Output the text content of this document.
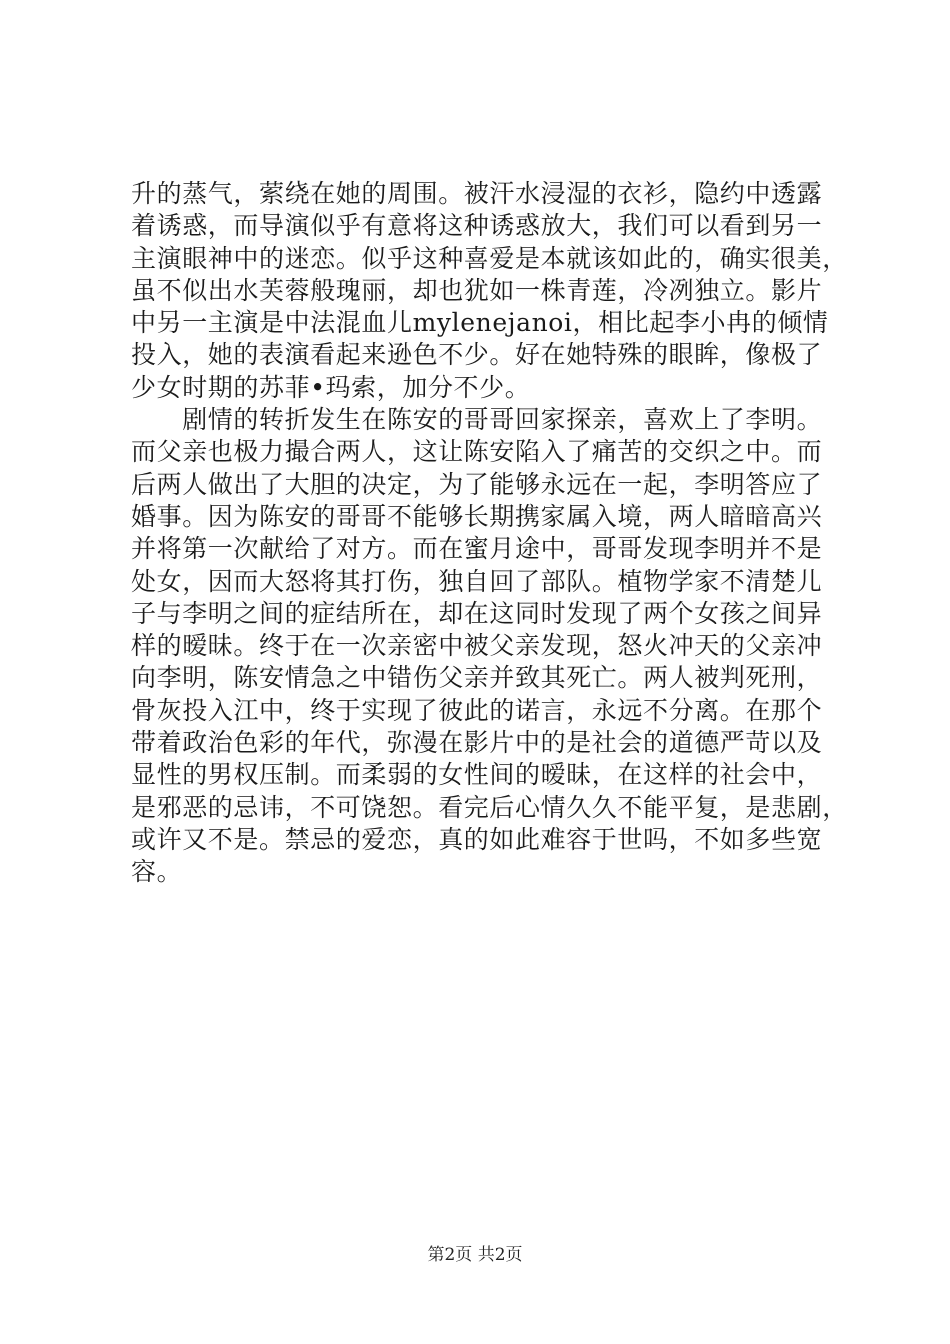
升的蒸气，萦绕在她的周围。被汗水浸湿的衣衫，隐约中透露
着诱惑，而导演似乎有意将这种诱惑放大，我们可以看到另一
主演眼神中的迷恋。似乎这种喜爱是本就该如此的，确实很美，
虽不似出水芙蓉般瑰丽，却也犹如一株青莲，冷冽独立。影片
中另一主演是中法混血儿mylenejanoi，相比起李小冉的倾情
投入，她的表演看起来逊色不少。好在她特殊的眼眸，像极了
少女时期的苏菲•玛索，加分不少。
　　剧情的转折发生在陈安的哥哥回家探亲，喜欢上了李明。
而父亲也极力撮合两人，这让陈安陷入了痛苦的交织之中。而
后两人做出了大胆的决定，为了能够永远在一起，李明答应了
婚事。因为陈安的哥哥不能够长期携家属入境，两人暗暗高兴
并将第一次献给了对方。而在蜜月途中，哥哥发现李明并不是
处女，因而大怒将其打伤，独自回了部队。植物学家不清楚儿
子与李明之间的症结所在，却在这同时发现了两个女孩之间异
样的暧昧。终于在一次亲密中被父亲发现，怒火冲天的父亲冲
向李明，陈安情急之中错伤父亲并致其死亡。两人被判死刑，
骨灰投入江中，终于实现了彼此的诺言，永远不分离。在那个
带着政治色彩的年代，弥漫在影片中的是社会的道德严苛以及
显性的男权压制。而柔弱的女性间的暧昧，在这样的社会中，
是邪恶的忌讳，不可饶恕。看完后心情久久不能平复，是悲剧，
或许又不是。禁忌的爱恋，真的如此难容于世吗，不如多些宽
容。
第2页 共2页
